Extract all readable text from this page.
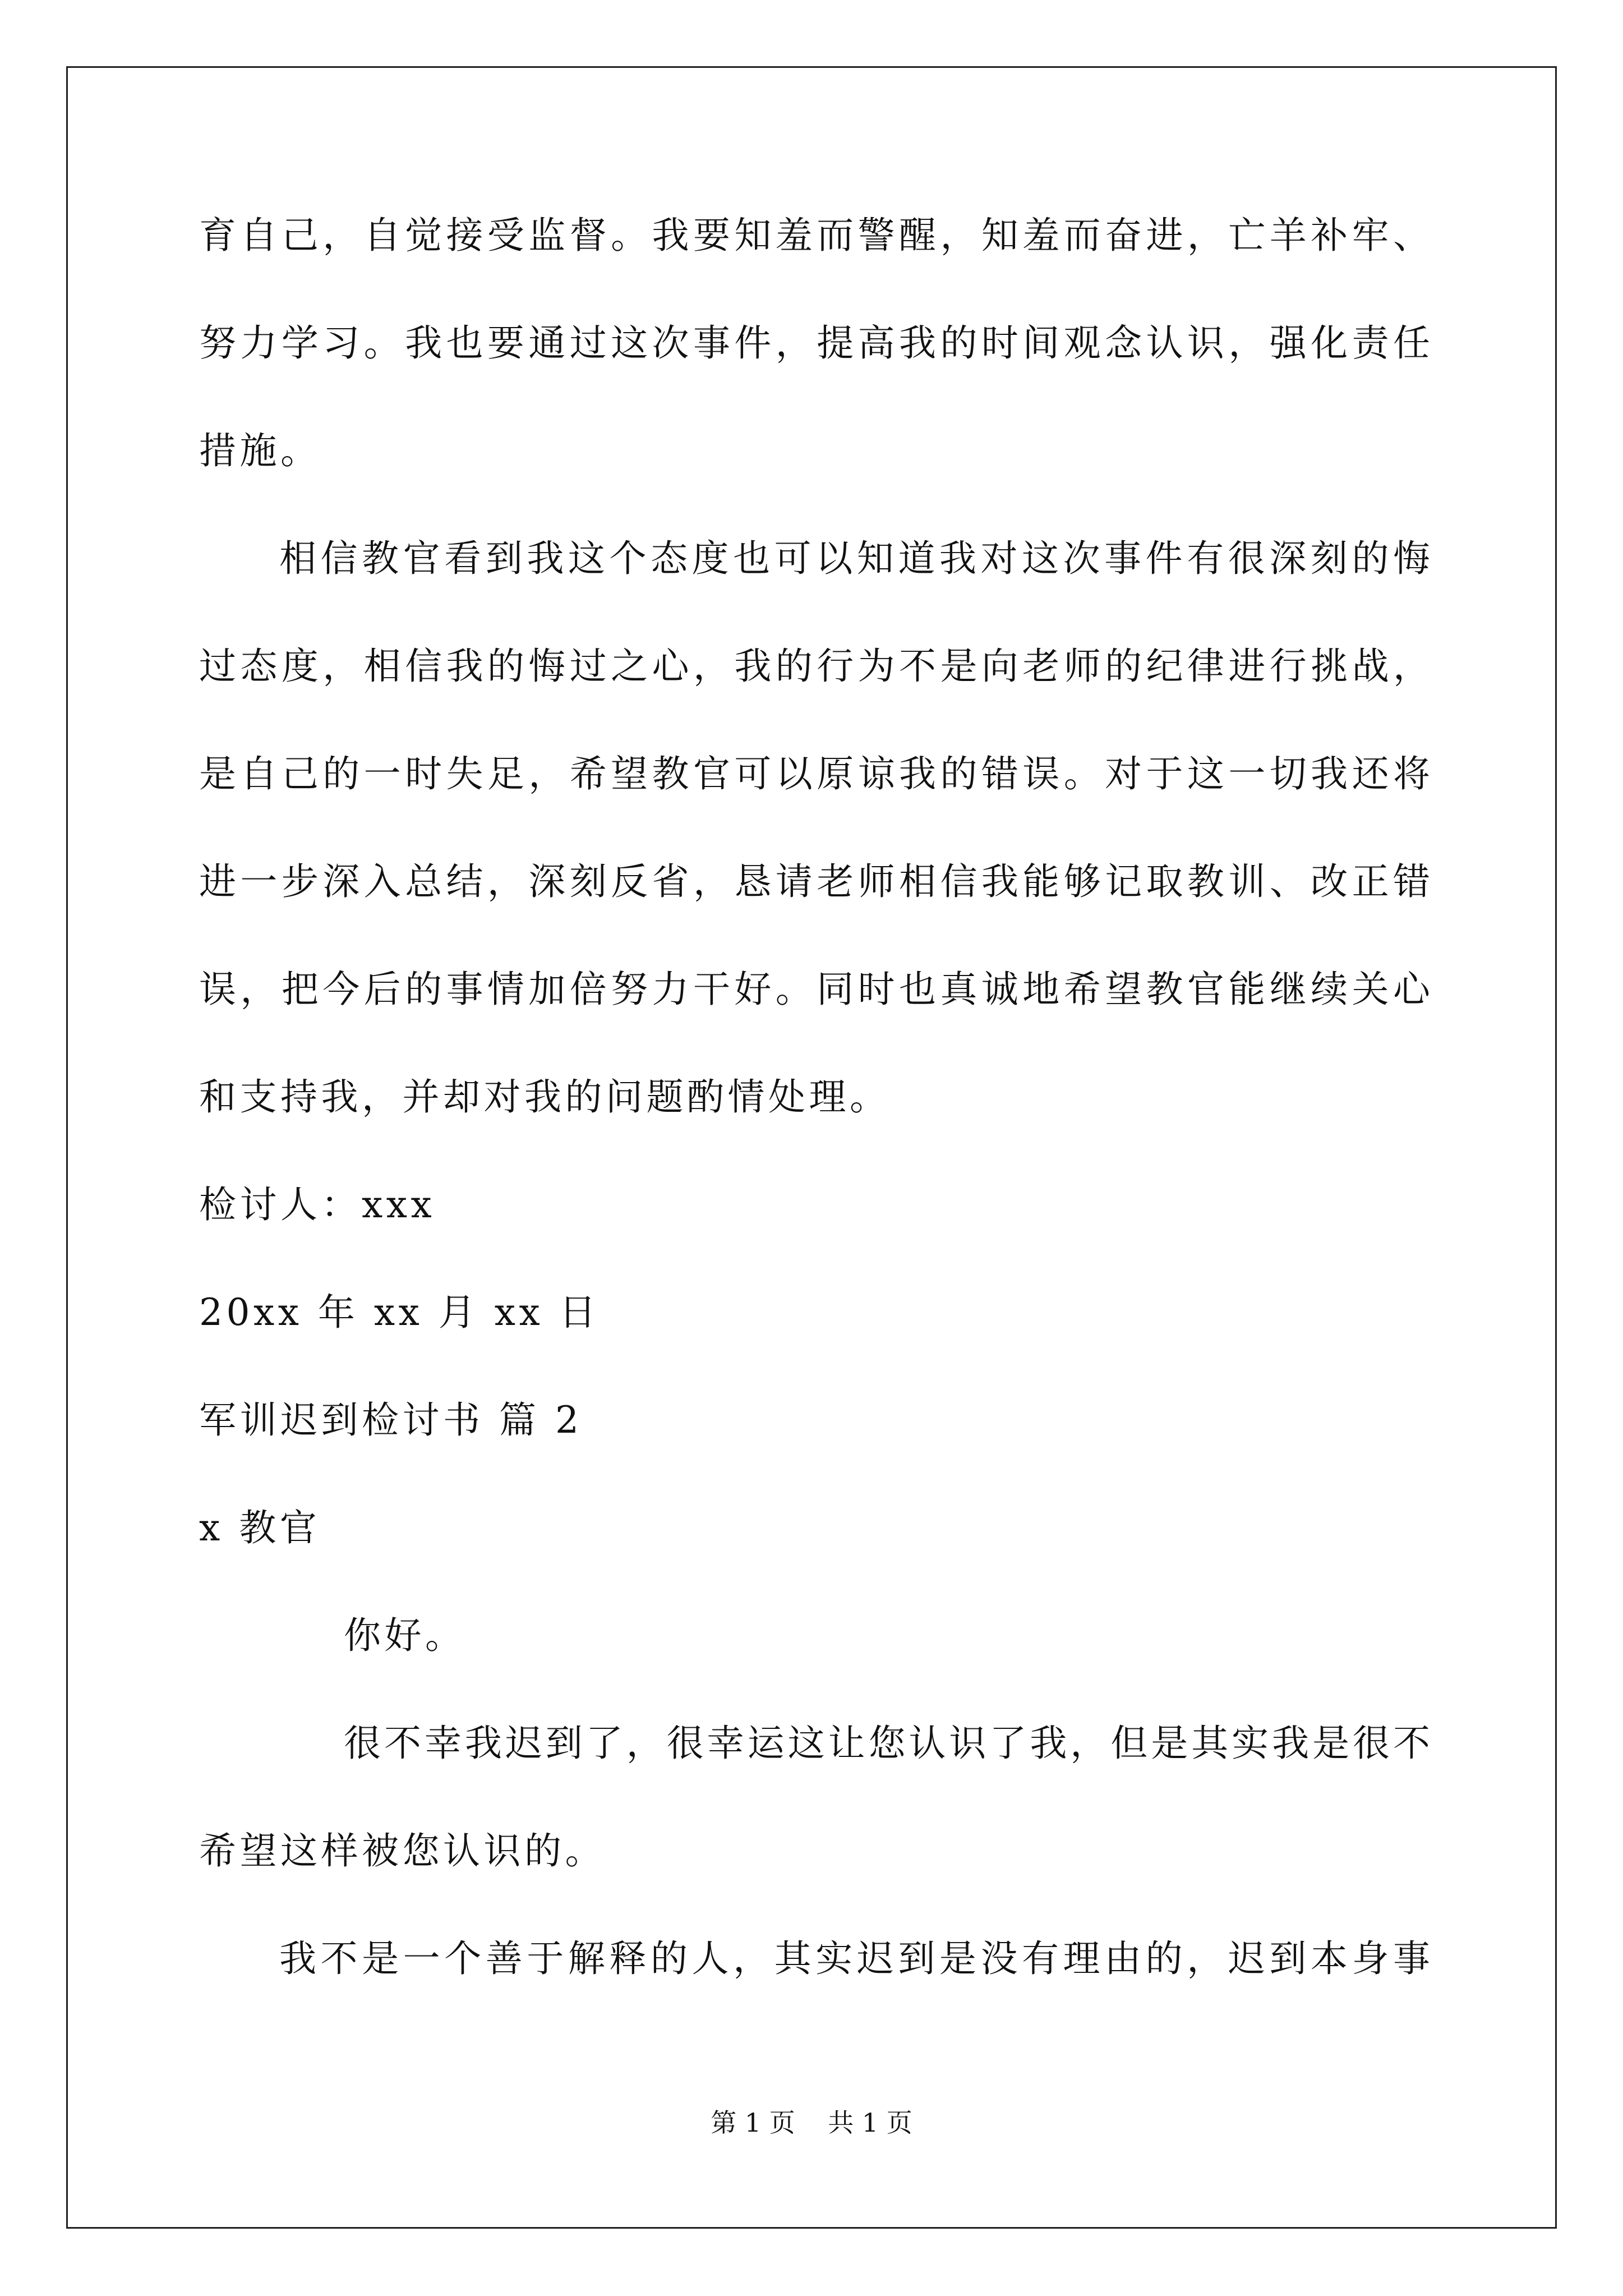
育自己，自觉接受监督。我要知羞而警醒，知羞而奋进，亡羊补牢、
努力学习。我也要通过这次事件，提高我的时间观念认识，强化责任
措施。
相信教官看到我这个态度也可以知道我对这次事件有很深刻的悔
过态度，相信我的悔过之心，我的行为不是向老师的纪律进行挑战，
是自己的一时失足，希望教官可以原谅我的错误。对于这一切我还将
进一步深入总结，深刻反省，恳请老师相信我能够记取教训、改正错
误，把今后的事情加倍努力干好。同时也真诚地希望教官能继续关心
和支持我，并却对我的问题酌情处理。
检讨人：xxx
20xx 年 xx 月 xx 日
军训迟到检讨书 篇 2
x 教官
你好。
很不幸我迟到了，很幸运这让您认识了我，但是其实我是很不
希望这样被您认识的。
我不是一个善于解释的人，其实迟到是没有理由的，迟到本身事
第 1 页    共 1 页
